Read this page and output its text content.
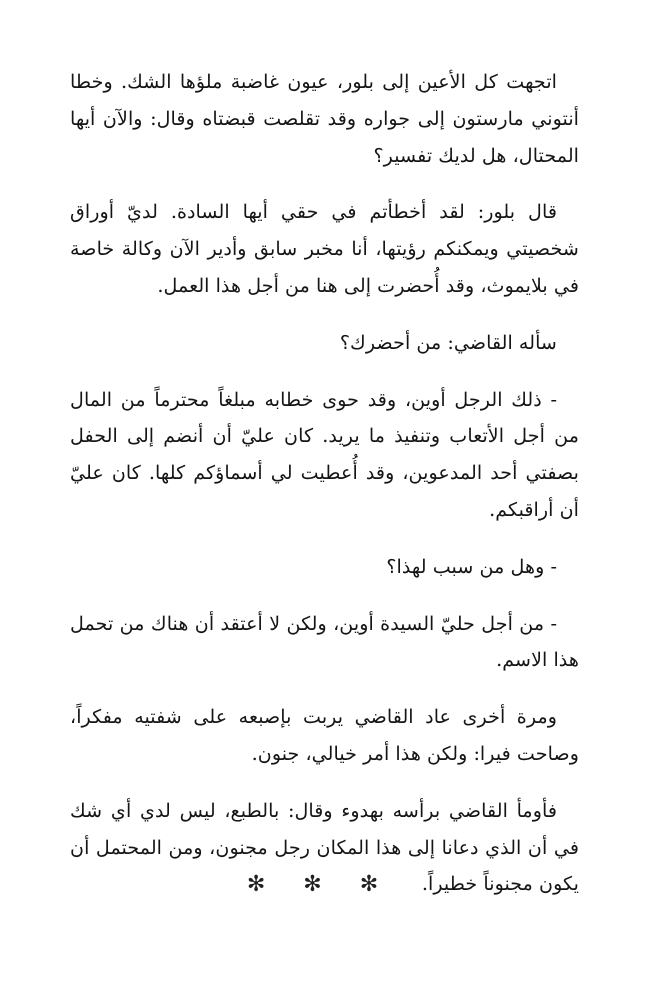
اتجهت كل الأعين إلى بلور، عيون غاضبة ملؤها الشك. وخطا أنتوني مارستون إلى جواره وقد تقلصت قبضتاه وقال: والآن أيها المحتال، هل لديك تفسير؟

قال بلور: لقد أخطأتم في حقي أيها السادة. لديّ أوراق شخصيتي ويمكنكم رؤيتها، أنا مخبر سابق وأدير الآن وكالة خاصة في بلايموث، وقد أُحضرت إلى هنا من أجل هذا العمل.

سأله القاضي: من أحضرك؟

- ذلك الرجل أوين، وقد حوى خطابه مبلغاً محترماً من المال من أجل الأتعاب وتنفيذ ما يريد. كان عليّ أن أنضم إلى الحفل بصفتي أحد المدعوين، وقد أُعطيت لي أسماؤكم كلها. كان عليّ أن أراقبكم.

- وهل من سبب لهذا؟

- من أجل حليّ السيدة أوين، ولكن لا أعتقد أن هناك من تحمل هذا الاسم.

ومرة أخرى عاد القاضي يربت بإصبعه على شفتيه مفكراً، وصاحت فيرا: ولكن هذا أمر خيالي، جنون.

فأومأ القاضي برأسه بهدوء وقال: بالطبع، ليس لدي أي شك في أن الذي دعانا إلى هذا المكان رجل مجنون، ومن المحتمل أن يكون مجنوناً خطيراً.

✻ ✻ ✻
